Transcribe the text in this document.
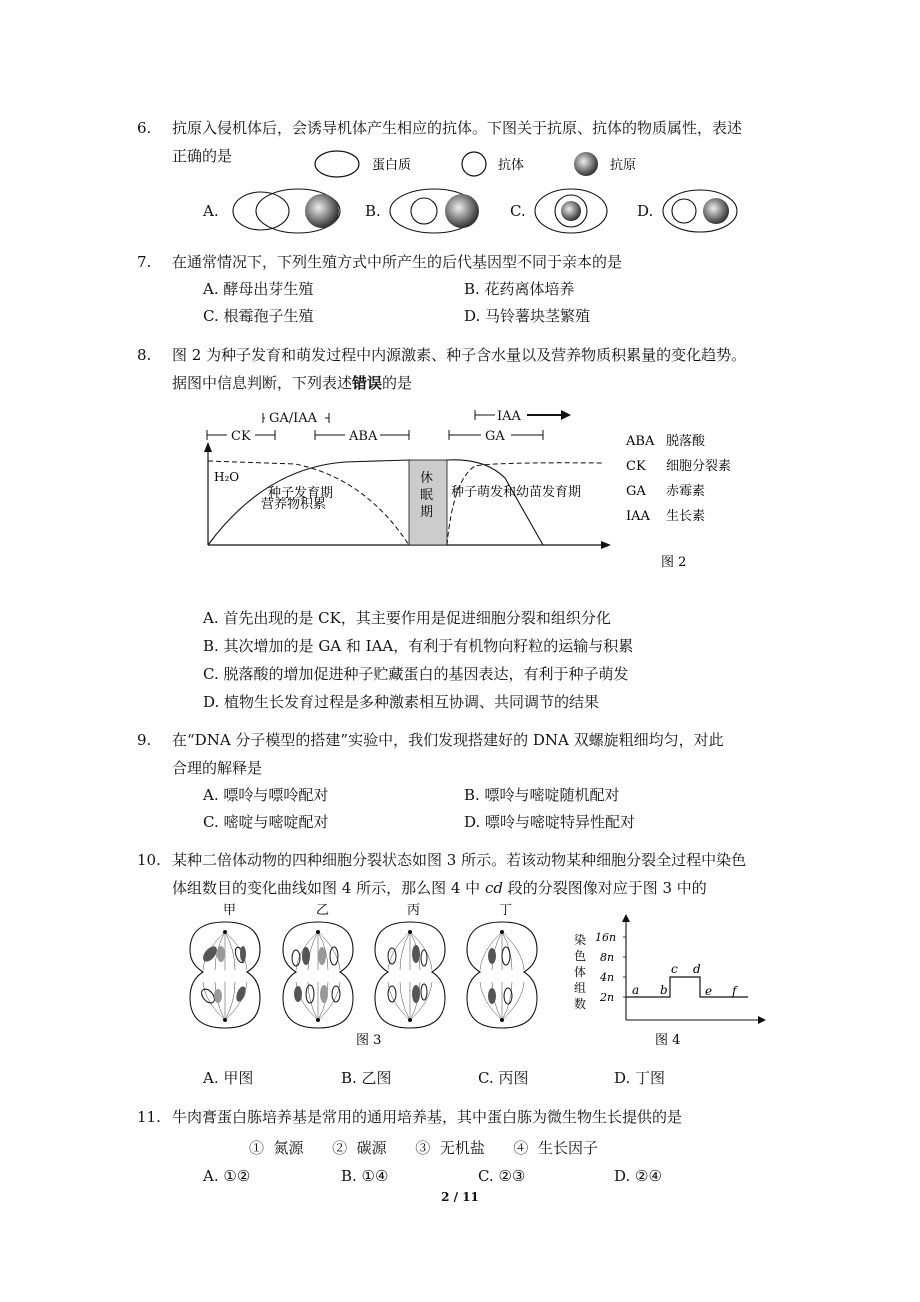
6.	抗原入侵机体后，会诱导机体产生相应的抗体。下图关于抗原、抗体的物质属性，表述
正确的是
蛋白质	抗体	抗原
A.	B.	C.	D.
7.	在通常情况下，下列生殖方式中所产生的后代基因型不同于亲本的是
A. 酵母出芽生殖	B. 花药离体培养
C. 根霉孢子生殖	D. 马铃薯块茎繁殖
8.	图 2 为种子发育和萌发过程中内源激素、种子含水量以及营养物质积累量的变化趋势。
据图中信息判断，下列表述错误的是
GA/IAA
CK	ABA
IAA
GA
休
眠
期
H₂O
种子发育期
营养物积累
种子萌发和幼苗发育期
ABA 脱落酸
CK 细胞分裂素
GA 赤霉素
IAA 生长素
图 2
A. 首先出现的是 CK，其主要作用是促进细胞分裂和组织分化
B. 其次增加的是 GA 和 IAA，有利于有机物向籽粒的运输与积累
C. 脱落酸的增加促进种子贮藏蛋白的基因表达，有利于种子萌发
D. 植物生长发育过程是多种激素相互协调、共同调节的结果
9.	在“DNA 分子模型的搭建”实验中，我们发现搭建好的 DNA 双螺旋粗细均匀，对此
合理的解释是
A. 嘌呤与嘌呤配对	B. 嘌呤与嘧啶随机配对
C. 嘧啶与嘧啶配对	D. 嘌呤与嘧啶特异性配对
10. 某种二倍体动物的四种细胞分裂状态如图 3 所示。若该动物某种细胞分裂全过程中染色
体组数目的变化曲线如图 4 所示，那么图 4 中 cd 段的分裂图像对应于图 3 中的
甲	乙	丙	丁
图 3
染
色
体
组
数
16n
8n
4n
2n
a b
c d
e f
图 4
A. 甲图	B. 乙图	C. 丙图	D. 丁图
11. 牛肉膏蛋白胨培养基是常用的通用培养基，其中蛋白胨为微生物生长提供的是
①  氮源      ②  碳源      ③  无机盐      ④  生长因子
A. ①②	B. ①④	C. ②③	D. ②④
2 / 11
